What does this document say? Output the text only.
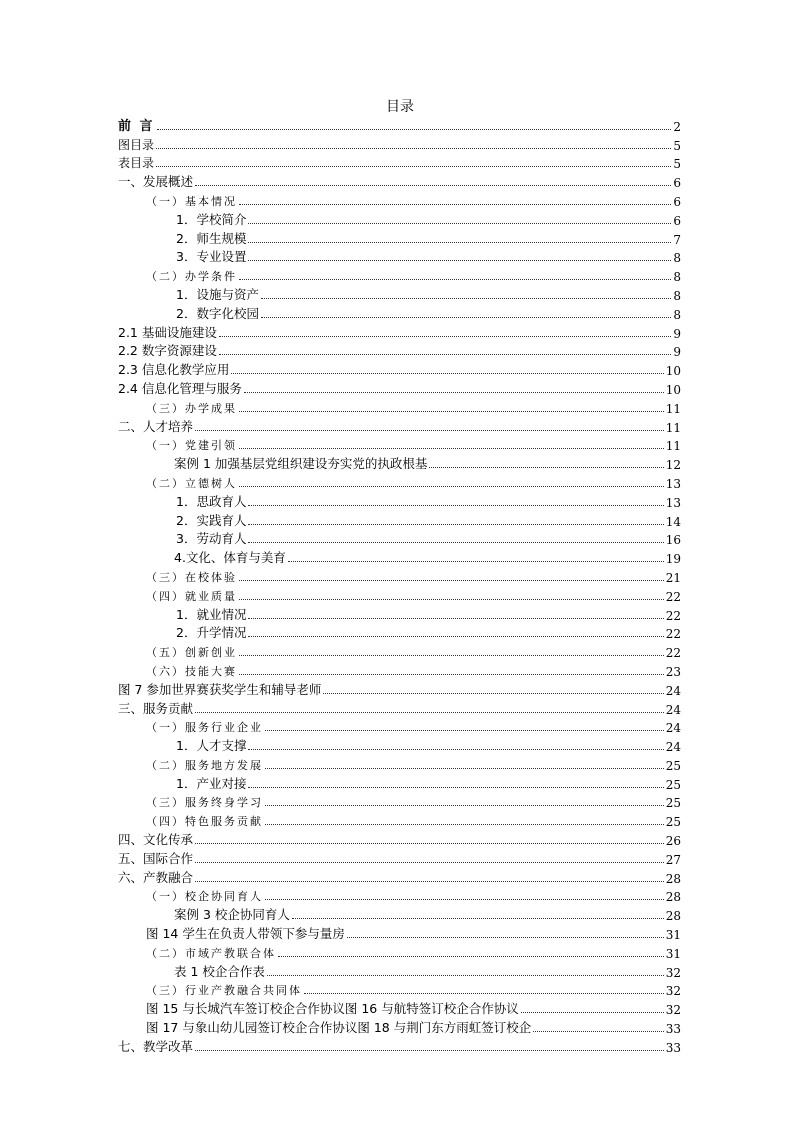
目录
前 言	2
图目录	5
表目录	5
一、发展概述	6
（一）基本情况	6
1．学校简介	6
2．师生规模	7
3．专业设置	8
（二）办学条件	8
1．设施与资产	8
2．数字化校园	8
2.1 基础设施建设	9
2.2 数字资源建设	9
2.3 信息化教学应用	10
2.4 信息化管理与服务	10
（三）办学成果	11
二、人才培养	11
（一）党建引领	11
案例 1 加强基层党组织建设夯实党的执政根基	12
（二）立德树人	13
1．思政育人	13
2．实践育人	14
3．劳动育人	16
4.文化、体育与美育	19
（三）在校体验	21
（四）就业质量	22
1．就业情况	22
2．升学情况	22
（五）创新创业	22
（六）技能大赛	23
图 7 参加世界赛获奖学生和辅导老师	24
三、服务贡献	24
（一）服务行业企业	24
1．人才支撑	24
（二）服务地方发展	25
1．产业对接	25
（三）服务终身学习	25
（四）特色服务贡献	25
四、文化传承	26
五、国际合作	27
六、产教融合	28
（一）校企协同育人	28
案例 3 校企协同育人	28
图 14 学生在负责人带领下参与量房	31
（二）市域产教联合体	31
表 1 校企合作表	32
（三）行业产教融合共同体	32
图 15 与长城汽车签订校企合作协议图 16 与航特签订校企合作协议	32
图 17 与象山幼儿园签订校企合作协议图 18 与荆门东方雨虹签订校企	33
七、教学改革	33
